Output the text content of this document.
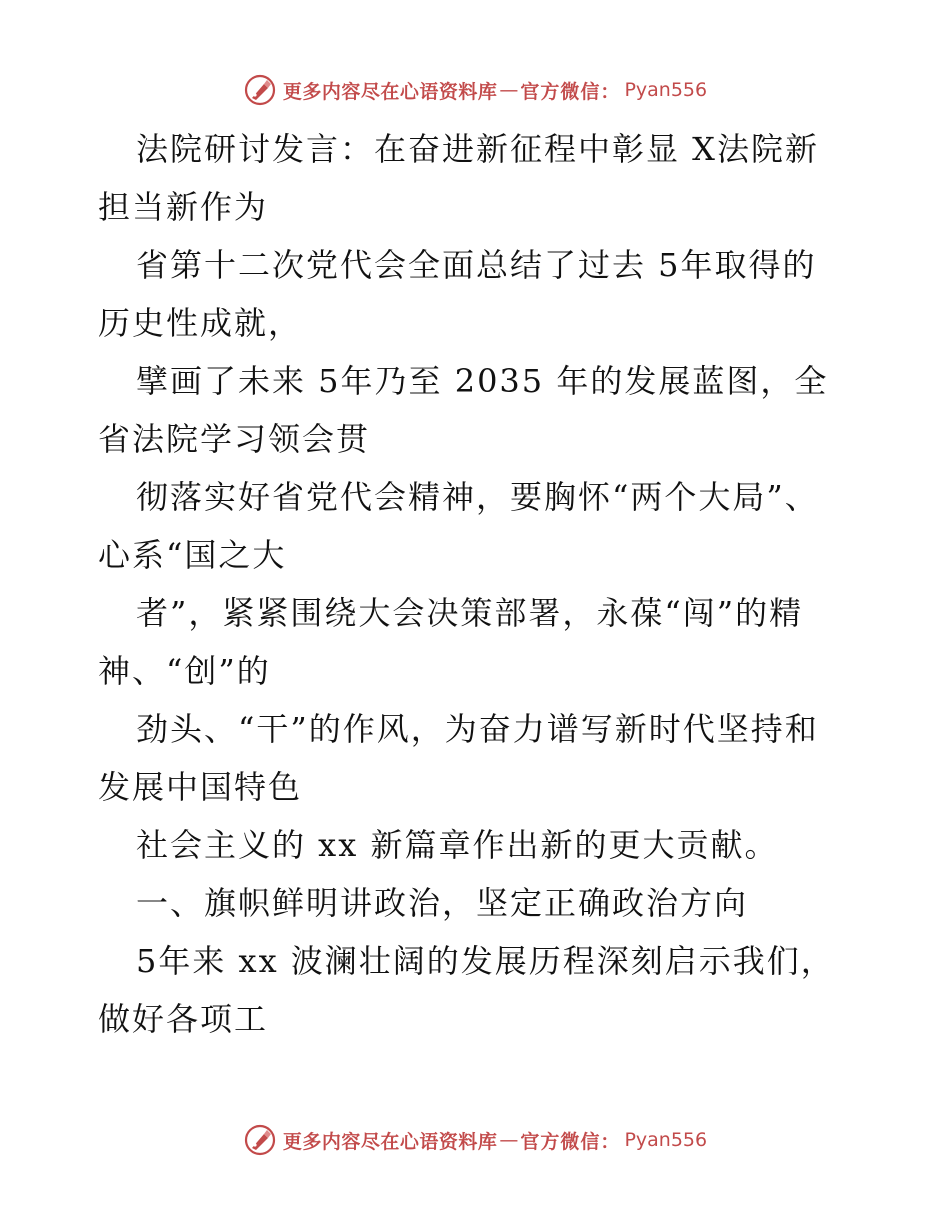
更多内容尽在心语资料库 — 官方微信： Pyan556
法院研讨发言：在奋进新征程中彰显 X法院新
担当新作为
省第十二次党代会全面总结了过去 5年取得的
历史性成就，
擘画了未来 5年乃至 2035 年的发展蓝图，全
省法院学习领会贯
彻落实好省党代会精神，要胸怀“两个大局”、
心系“国之大
者”，紧紧围绕大会决策部署，永葆“闯”的精
神、“创”的
劲头、“干”的作风，为奋力谱写新时代坚持和
发展中国特色
社会主义的 xx 新篇章作出新的更大贡献。
一、旗帜鲜明讲政治，坚定正确政治方向
5年来 xx 波澜壮阔的发展历程深刻启示我们，
做好各项工
更多内容尽在心语资料库 — 官方微信： Pyan556
